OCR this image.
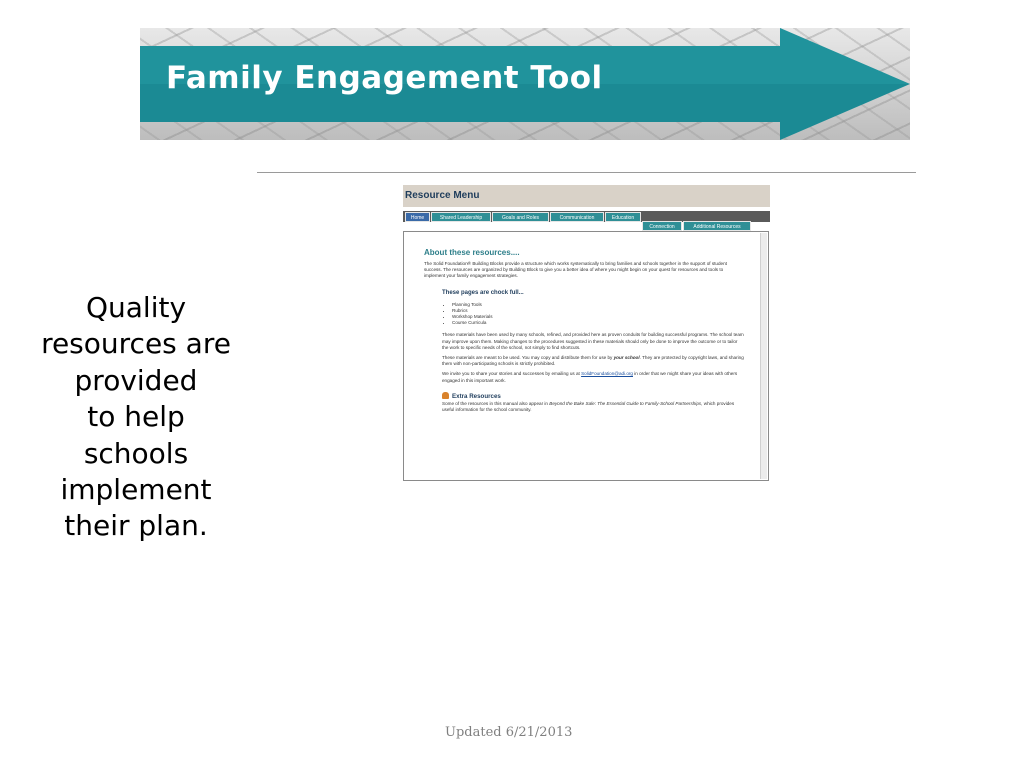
Family Engagement Tool
Quality
resources are
provided
to help
schools
implement
their plan.
Resource Menu
Home	Shared Leadership	Goals and Roles	Communication	Education
Connection	Additional Resources
About these resources....
The Solid Foundation® Building Blocks provide a structure which works systematically to bring families and schools together in the support of student success. The resources are organized by Building Block to give you a better idea of where you might begin on your quest for resources and tools to implement your family engagement strategies.
These pages are chock full...
• Planning Tools
• Rubrics
• Workshop Materials
• Course Curricula
These materials have been used by many schools, refined, and provided here as proven conduits for building successful programs. The school team may improve upon them. Making changes to the procedures suggested in these materials should only be done to improve the outcome or to tailor the work to specific needs of the school, not simply to find shortcuts.
These materials are meant to be used. You may copy and distribute them for use by your school. They are protected by copyright laws, and sharing them with non-participating schools is strictly prohibited.
We invite you to share your stories and successes by emailing us at SolidFoundation@adi.org in order that we might share your ideas with others engaged in this important work.
Extra Resources
Some of the resources in this manual also appear in Beyond the Bake Sale: The Essential Guide to Family-School Partnerships, which provides useful information for the school community.
Updated 6/21/2013
